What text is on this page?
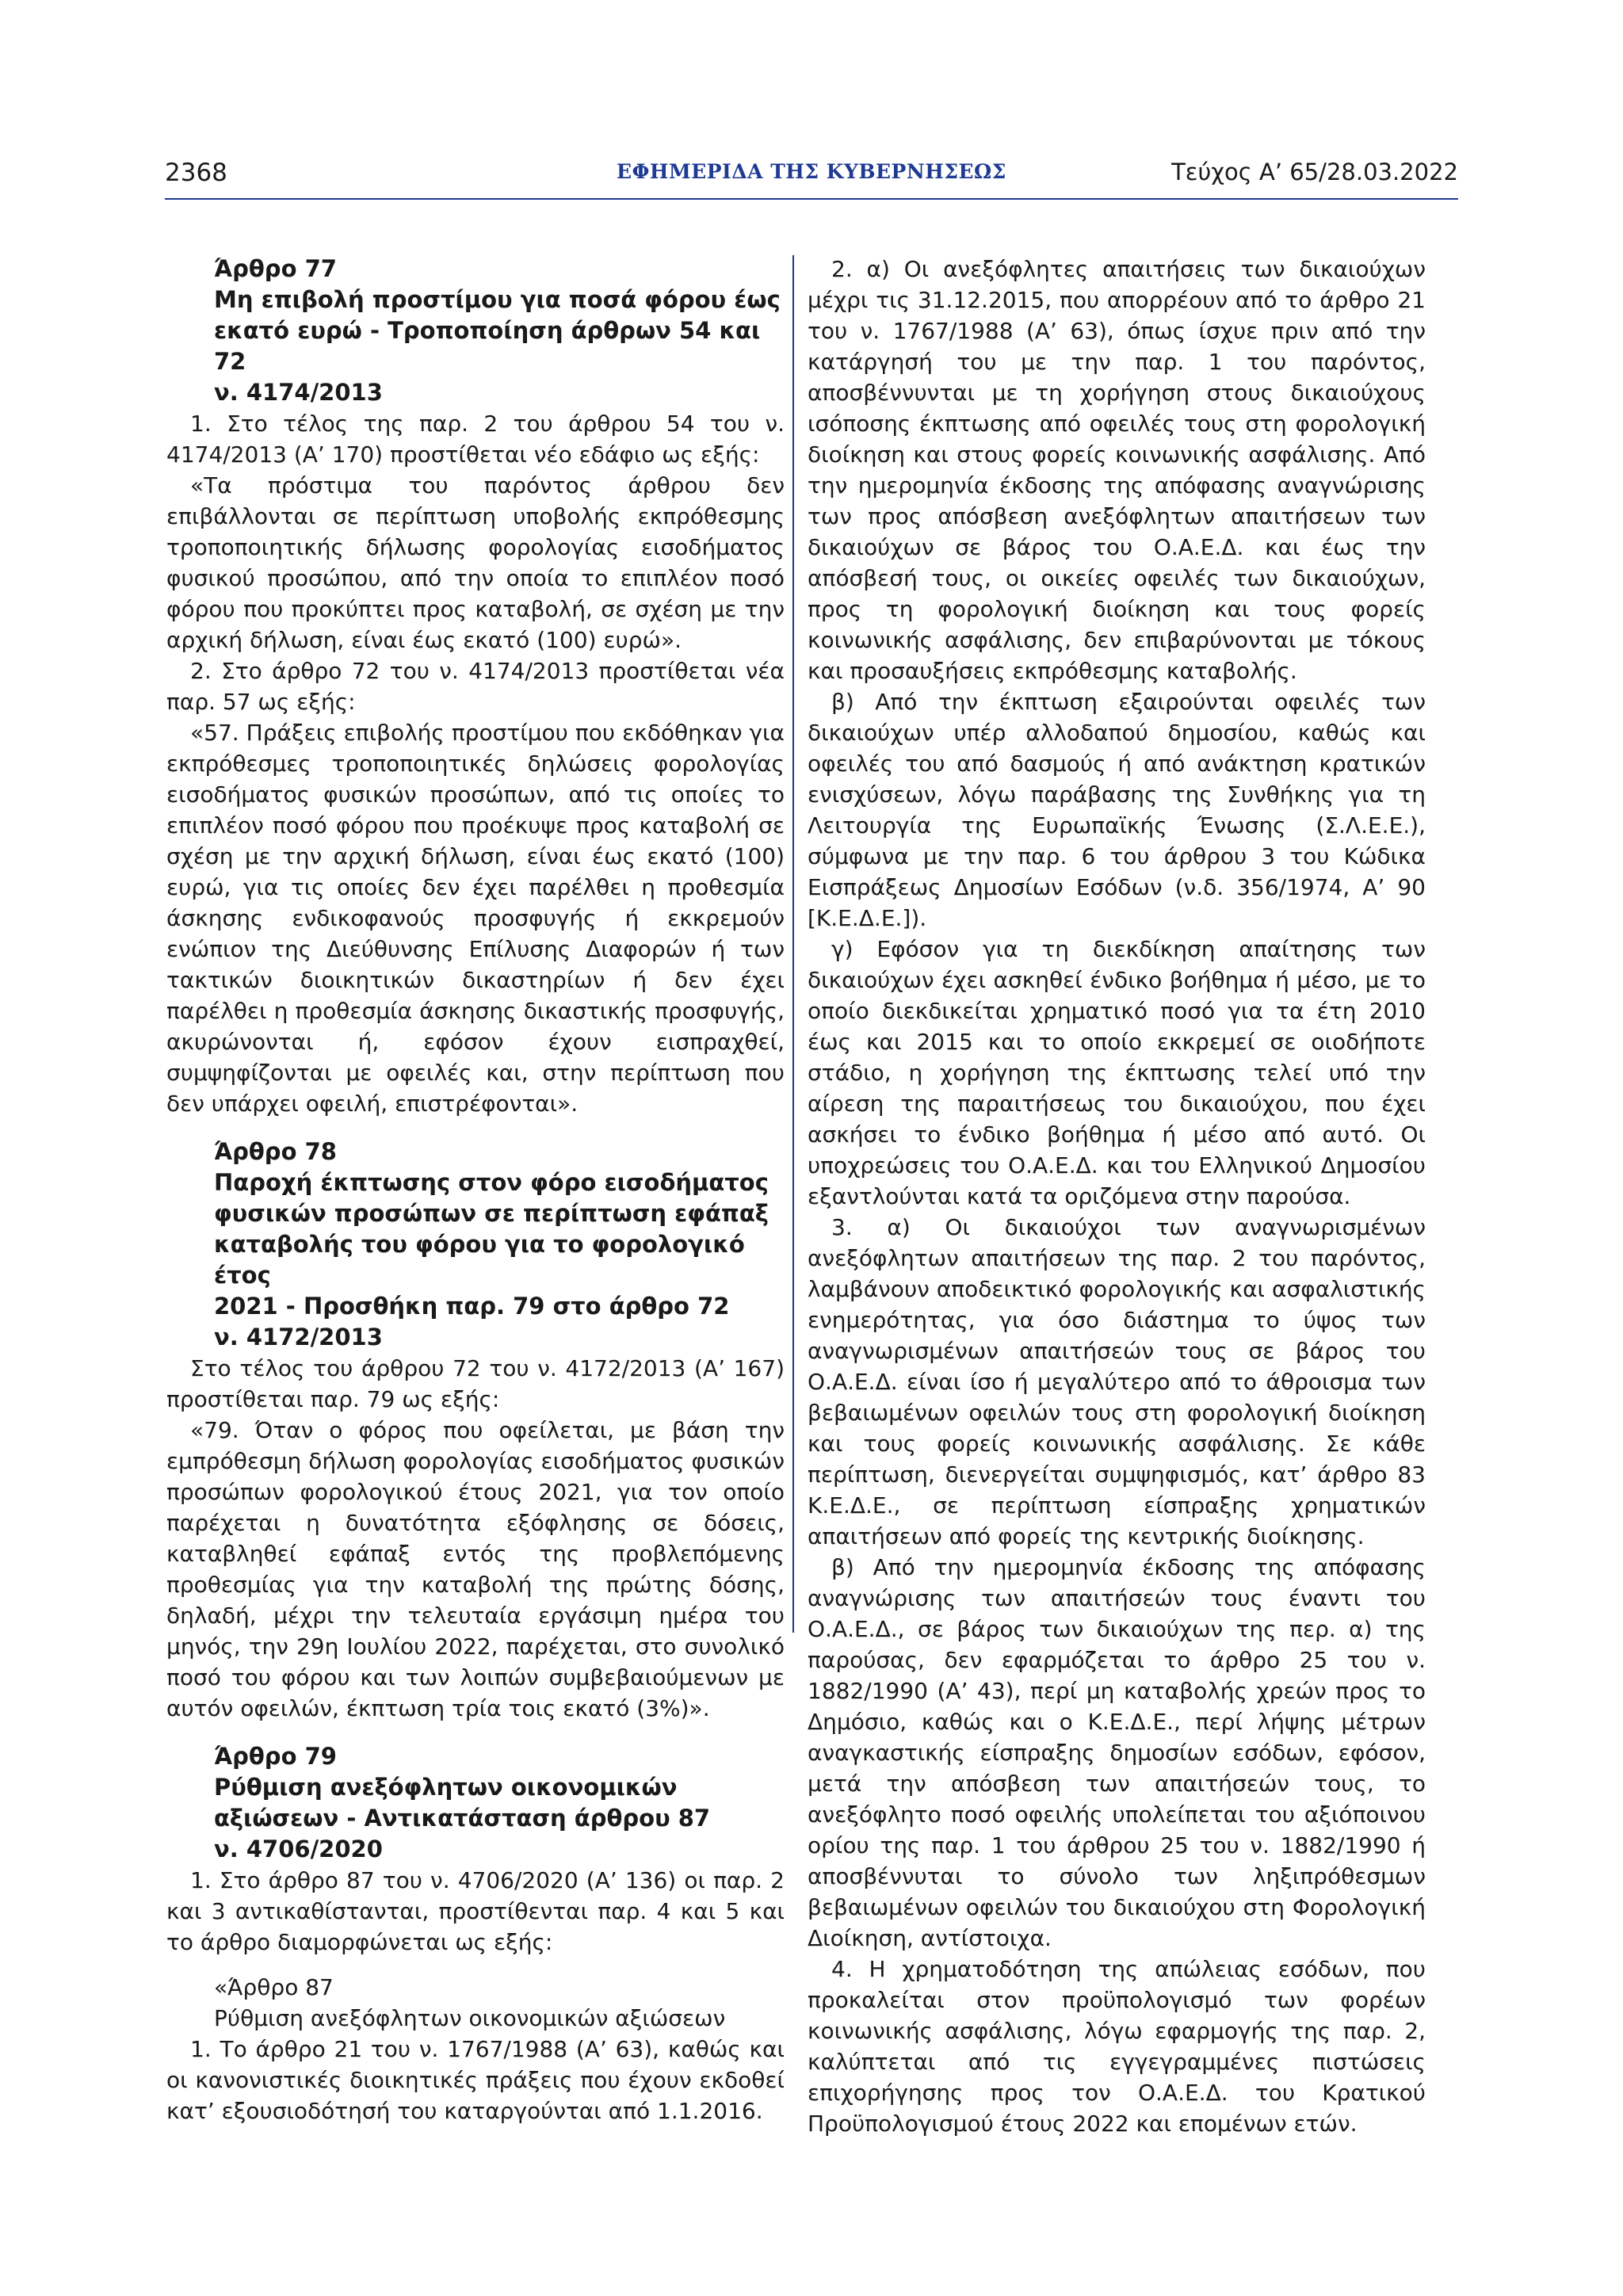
2368	ΕΦΗΜΕΡΙΔΑ ΤΗΣ ΚΥΒΕΡΝΗΣΕΩΣ	Τεύχος Α’ 65/28.03.2022
Άρθρο 77
Μη επιβολή προστίμου για ποσά φόρου έως
εκατό ευρώ - Τροποποίηση άρθρων 54 και 72
ν. 4174/2013

1. Στο τέλος της παρ. 2 του άρθρου 54 του ν. 4174/2013 (Α’ 170) προστίθεται νέο εδάφιο ως εξής:

«Τα πρόστιμα του παρόντος άρθρου δεν επιβάλλονται σε περίπτωση υποβολής εκπρόθεσμης τροποποιητικής δήλωσης φορολογίας εισοδήματος φυσικού προσώπου, από την οποία το επιπλέον ποσό φόρου που προκύπτει προς καταβολή, σε σχέση με την αρχική δήλωση, είναι έως εκατό (100) ευρώ».

2. Στο άρθρο 72 του ν. 4174/2013 προστίθεται νέα παρ. 57 ως εξής:

«57. Πράξεις επιβολής προστίμου που εκδόθηκαν για εκπρόθεσμες τροποποιητικές δηλώσεις φορολογίας εισοδήματος φυσικών προσώπων, από τις οποίες το επιπλέον ποσό φόρου που προέκυψε προς καταβολή σε σχέση με την αρχική δήλωση, είναι έως εκατό (100) ευρώ, για τις οποίες δεν έχει παρέλθει η προθεσμία άσκησης ενδικοφανούς προσφυγής ή εκκρεμούν ενώπιον της Διεύθυνσης Επίλυσης Διαφορών ή των τακτικών διοικητικών δικαστηρίων ή δεν έχει παρέλθει η προθεσμία άσκησης δικαστικής προσφυγής, ακυρώνονται ή, εφόσον έχουν εισπραχθεί, συμψηφίζονται με οφειλές και, στην περίπτωση που δεν υπάρχει οφειλή, επιστρέφονται».

Άρθρο 78
Παροχή έκπτωσης στον φόρο εισοδήματος
φυσικών προσώπων σε περίπτωση εφάπαξ
καταβολής του φόρου για το φορολογικό έτος
2021 - Προσθήκη παρ. 79 στο άρθρο 72
ν. 4172/2013

Στο τέλος του άρθρου 72 του ν. 4172/2013 (Α’ 167) προστίθεται παρ. 79 ως εξής:

«79. Όταν ο φόρος που οφείλεται, με βάση την εμπρόθεσμη δήλωση φορολογίας εισοδήματος φυσικών προσώπων φορολογικού έτους 2021, για τον οποίο παρέχεται η δυνατότητα εξόφλησης σε δόσεις, καταβληθεί εφάπαξ εντός της προβλεπόμενης προθεσμίας για την καταβολή της πρώτης δόσης, δηλαδή, μέχρι την τελευταία εργάσιμη ημέρα του μηνός, την 29η Ιουλίου 2022, παρέχεται, στο συνολικό ποσό του φόρου και των λοιπών συμβεβαιούμενων με αυτόν οφειλών, έκπτωση τρία τοις εκατό (3%)».

Άρθρο 79
Ρύθμιση ανεξόφλητων οικονομικών
αξιώσεων - Αντικατάσταση άρθρου 87
ν. 4706/2020

1. Στο άρθρο 87 του ν. 4706/2020 (Α’ 136) οι παρ. 2 και 3 αντικαθίστανται, προστίθενται παρ. 4 και 5 και το άρθρο διαμορφώνεται ως εξής:

«Άρθρο 87
Ρύθμιση ανεξόφλητων οικονομικών αξιώσεων

1. Το άρθρο 21 του ν. 1767/1988 (Α’ 63), καθώς και οι κανονιστικές διοικητικές πράξεις που έχουν εκδοθεί κατ’ εξουσιοδότησή του καταργούνται από 1.1.2016.

2. α) Οι ανεξόφλητες απαιτήσεις των δικαιούχων μέχρι τις 31.12.2015, που απορρέουν από το άρθρο 21 του ν. 1767/1988 (Α’ 63), όπως ίσχυε πριν από την κατάργησή του με την παρ. 1 του παρόντος, αποσβέννυνται με τη χορήγηση στους δικαιούχους ισόποσης έκπτωσης από οφειλές τους στη φορολογική διοίκηση και στους φορείς κοινωνικής ασφάλισης. Από την ημερομηνία έκδοσης της απόφασης αναγνώρισης των προς απόσβεση ανεξόφλητων απαιτήσεων των δικαιούχων σε βάρος του Ο.Α.Ε.Δ. και έως την απόσβεσή τους, οι οικείες οφειλές των δικαιούχων, προς τη φορολογική διοίκηση και τους φορείς κοινωνικής ασφάλισης, δεν επιβαρύνονται με τόκους και προσαυξήσεις εκπρόθεσμης καταβολής.

β) Από την έκπτωση εξαιρούνται οφειλές των δικαιούχων υπέρ αλλοδαπού δημοσίου, καθώς και οφειλές του από δασμούς ή από ανάκτηση κρατικών ενισχύσεων, λόγω παράβασης της Συνθήκης για τη Λειτουργία της Ευρωπαϊκής Ένωσης (Σ.Λ.Ε.Ε.), σύμφωνα με την παρ. 6 του άρθρου 3 του Κώδικα Εισπράξεως Δημοσίων Εσόδων (ν.δ. 356/1974, Α’ 90 [Κ.Ε.Δ.Ε.]).

γ) Εφόσον για τη διεκδίκηση απαίτησης των δικαιούχων έχει ασκηθεί ένδικο βοήθημα ή μέσο, με το οποίο διεκδικείται χρηματικό ποσό για τα έτη 2010 έως και 2015 και το οποίο εκκρεμεί σε οιοδήποτε στάδιο, η χορήγηση της έκπτωσης τελεί υπό την αίρεση της παραιτήσεως του δικαιούχου, που έχει ασκήσει το ένδικο βοήθημα ή μέσο από αυτό. Οι υποχρεώσεις του Ο.Α.Ε.Δ. και του Ελληνικού Δημοσίου εξαντλούνται κατά τα οριζόμενα στην παρούσα.

3. α) Οι δικαιούχοι των αναγνωρισμένων ανεξόφλητων απαιτήσεων της παρ. 2 του παρόντος, λαμβάνουν αποδεικτικό φορολογικής και ασφαλιστικής ενημερότητας, για όσο διάστημα το ύψος των αναγνωρισμένων απαιτήσεών τους σε βάρος του Ο.Α.Ε.Δ. είναι ίσο ή μεγαλύτερο από το άθροισμα των βεβαιωμένων οφειλών τους στη φορολογική διοίκηση και τους φορείς κοινωνικής ασφάλισης. Σε κάθε περίπτωση, διενεργείται συμψηφισμός, κατ’ άρθρο 83 Κ.Ε.Δ.Ε., σε περίπτωση είσπραξης χρηματικών απαιτήσεων από φορείς της κεντρικής διοίκησης.

β) Από την ημερομηνία έκδοσης της απόφασης αναγνώρισης των απαιτήσεών τους έναντι του Ο.Α.Ε.Δ., σε βάρος των δικαιούχων της περ. α) της παρούσας, δεν εφαρμόζεται το άρθρο 25 του ν. 1882/1990 (Α’ 43), περί μη καταβολής χρεών προς το Δημόσιο, καθώς και ο Κ.Ε.Δ.Ε., περί λήψης μέτρων αναγκαστικής είσπραξης δημοσίων εσόδων, εφόσον, μετά την απόσβεση των απαιτήσεών τους, το ανεξόφλητο ποσό οφειλής υπολείπεται του αξιόποινου ορίου της παρ. 1 του άρθρου 25 του ν. 1882/1990 ή αποσβέννυται το σύνολο των ληξιπρόθεσμων βεβαιωμένων οφειλών του δικαιούχου στη Φορολογική Διοίκηση, αντίστοιχα.

4. Η χρηματοδότηση της απώλειας εσόδων, που προκαλείται στον προϋπολογισμό των φορέων κοινωνικής ασφάλισης, λόγω εφαρμογής της παρ. 2, καλύπτεται από τις εγγεγραμμένες πιστώσεις επιχορήγησης προς τον Ο.Α.Ε.Δ. του Κρατικού Προϋπολογισμού έτους 2022 και επομένων ετών.
